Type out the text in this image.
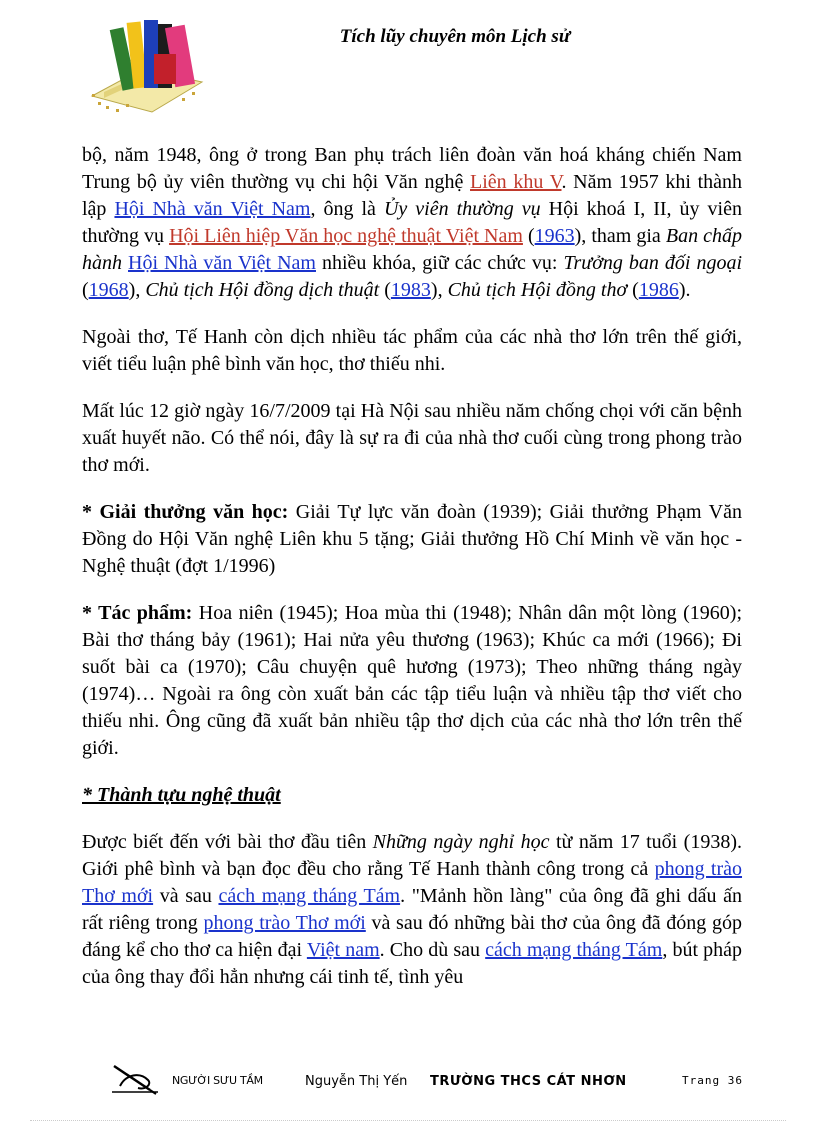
Tích lũy chuyên môn Lịch sử

bộ, năm 1948, ông ở trong Ban phụ trách liên đoàn văn hoá kháng chiến Nam Trung bộ ủy viên thường vụ chi hội Văn nghệ Liên khu V. Năm 1957 khi thành lập Hội Nhà văn Việt Nam, ông là Ủy viên thường vụ Hội khoá I, II, ủy viên thường vụ Hội Liên hiệp Văn học nghệ thuật Việt Nam (1963), tham gia Ban chấp hành Hội Nhà văn Việt Nam nhiều khóa, giữ các chức vụ: Trưởng ban đối ngoại (1968), Chủ tịch Hội đồng dịch thuật (1983), Chủ tịch Hội đồng thơ (1986).

Ngoài thơ, Tế Hanh còn dịch nhiều tác phẩm của các nhà thơ lớn trên thế giới, viết tiểu luận phê bình văn học, thơ thiếu nhi.

Mất lúc 12 giờ ngày 16/7/2009 tại Hà Nội sau nhiều năm chống chọi với căn bệnh xuất huyết não. Có thể nói, đây là sự ra đi của nhà thơ cuối cùng trong phong trào thơ mới.

* Giải thưởng văn học: Giải Tự lực văn đoàn (1939); Giải thưởng Phạm Văn Đồng do Hội Văn nghệ Liên khu 5 tặng; Giải thưởng Hồ Chí Minh về văn học - Nghệ thuật (đợt 1/1996)

* Tác phẩm: Hoa niên (1945); Hoa mùa thi (1948); Nhân dân một lòng (1960); Bài thơ tháng bảy (1961); Hai nửa yêu thương (1963); Khúc ca mới (1966); Đi suốt bài ca (1970); Câu chuyện quê hương (1973); Theo những tháng ngày (1974)… Ngoài ra ông còn xuất bản các tập tiểu luận và nhiều tập thơ viết cho thiếu nhi. Ông cũng đã xuất bản nhiều tập thơ dịch của các nhà thơ lớn trên thế giới.

* Thành tựu nghệ thuật

Được biết đến với bài thơ đầu tiên Những ngày nghỉ học từ năm 17 tuổi (1938). Giới phê bình và bạn đọc đều cho rằng Tế Hanh thành công trong cả phong trào Thơ mới và sau cách mạng tháng Tám. "Mảnh hồn làng" của ông đã ghi dấu ấn rất riêng trong phong trào Thơ mới và sau đó những bài thơ của ông đã đóng góp đáng kể cho thơ ca hiện đại Việt nam. Cho dù sau cách mạng tháng Tám, bút pháp của ông thay đổi hẳn nhưng cái tinh tế, tình yêu

NGƯỜI SƯU TẦM	Nguyễn Thị Yến TRƯỜNG THCS CÁT NHƠN	Trang 36
